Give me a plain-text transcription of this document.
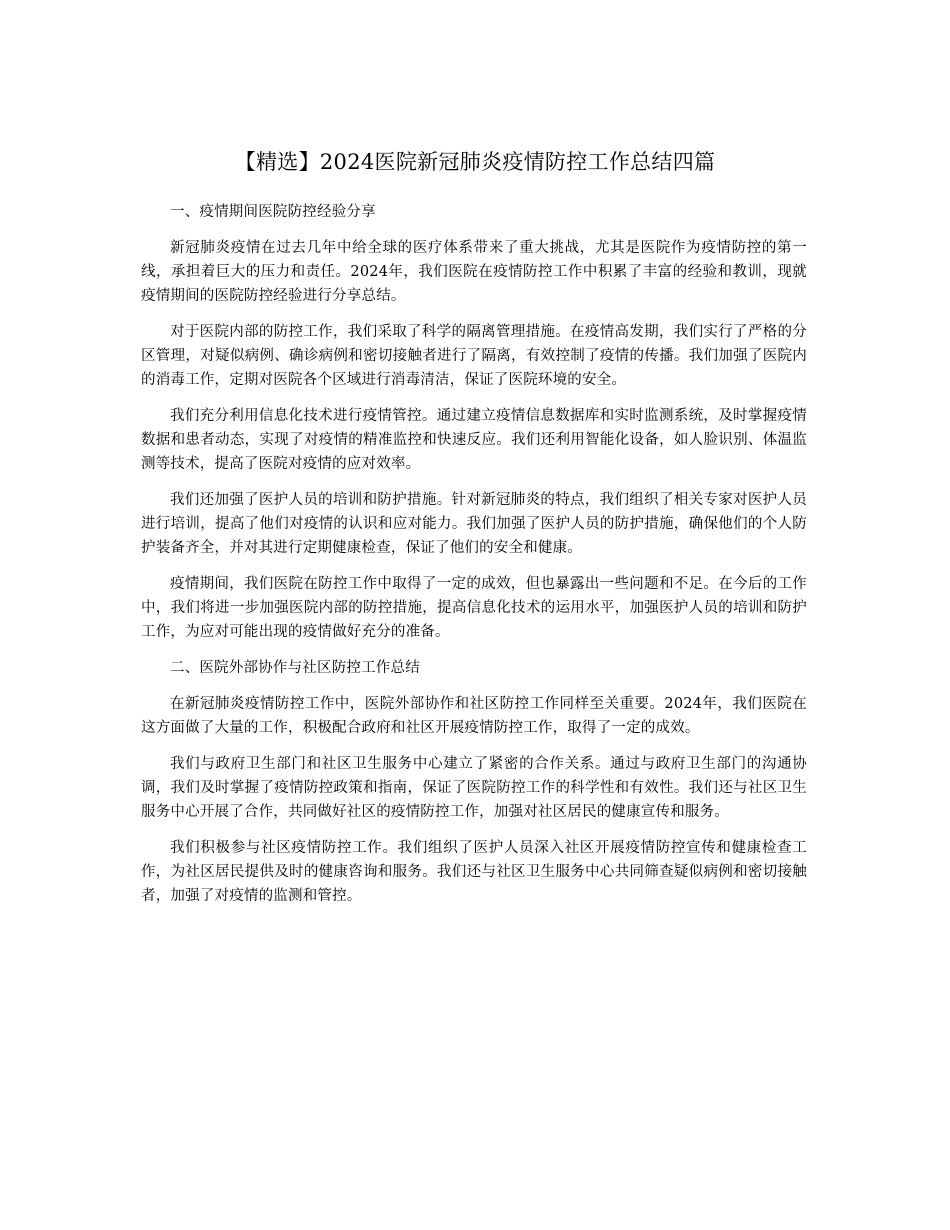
【精选】2024医院新冠肺炎疫情防控工作总结四篇

一、疫情期间医院防控经验分享

新冠肺炎疫情在过去几年中给全球的医疗体系带来了重大挑战，尤其是医院作为疫情防控的第一线，承担着巨大的压力和责任。2024年，我们医院在疫情防控工作中积累了丰富的经验和教训，现就疫情期间的医院防控经验进行分享总结。

对于医院内部的防控工作，我们采取了科学的隔离管理措施。在疫情高发期，我们实行了严格的分区管理，对疑似病例、确诊病例和密切接触者进行了隔离，有效控制了疫情的传播。我们加强了医院内的消毒工作，定期对医院各个区域进行消毒清洁，保证了医院环境的安全。

我们充分利用信息化技术进行疫情管控。通过建立疫情信息数据库和实时监测系统，及时掌握疫情数据和患者动态，实现了对疫情的精准监控和快速反应。我们还利用智能化设备，如人脸识别、体温监测等技术，提高了医院对疫情的应对效率。

我们还加强了医护人员的培训和防护措施。针对新冠肺炎的特点，我们组织了相关专家对医护人员进行培训，提高了他们对疫情的认识和应对能力。我们加强了医护人员的防护措施，确保他们的个人防护装备齐全，并对其进行定期健康检查，保证了他们的安全和健康。

疫情期间，我们医院在防控工作中取得了一定的成效，但也暴露出一些问题和不足。在今后的工作中，我们将进一步加强医院内部的防控措施，提高信息化技术的运用水平，加强医护人员的培训和防护工作，为应对可能出现的疫情做好充分的准备。

二、医院外部协作与社区防控工作总结

在新冠肺炎疫情防控工作中，医院外部协作和社区防控工作同样至关重要。2024年，我们医院在这方面做了大量的工作，积极配合政府和社区开展疫情防控工作，取得了一定的成效。

我们与政府卫生部门和社区卫生服务中心建立了紧密的合作关系。通过与政府卫生部门的沟通协调，我们及时掌握了疫情防控政策和指南，保证了医院防控工作的科学性和有效性。我们还与社区卫生服务中心开展了合作，共同做好社区的疫情防控工作，加强对社区居民的健康宣传和服务。

我们积极参与社区疫情防控工作。我们组织了医护人员深入社区开展疫情防控宣传和健康检查工作，为社区居民提供及时的健康咨询和服务。我们还与社区卫生服务中心共同筛查疑似病例和密切接触者，加强了对疫情的监测和管控。
